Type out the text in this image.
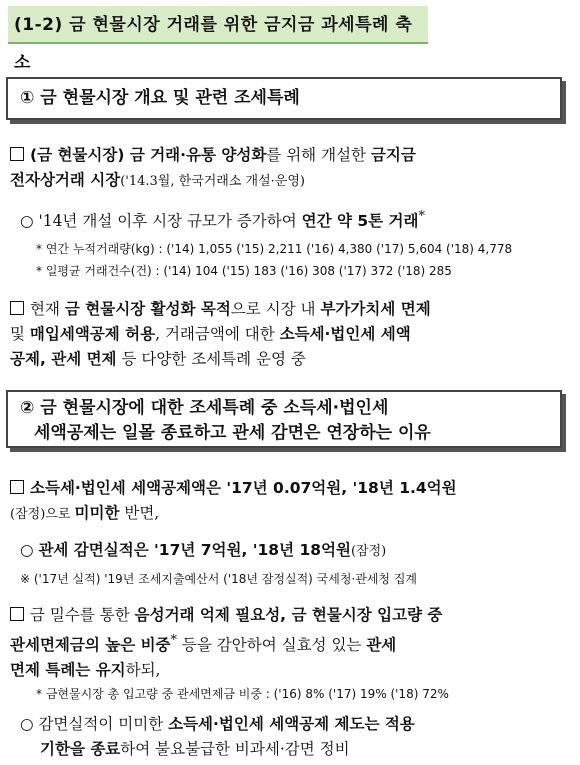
(1-2) 금 현물시장 거래를 위한 금지금 과세특례 축소
① 금 현물시장 개요 및 관련 조세특례
(금 현물시장) 금 거래·유통 양성화를 위해 개설한 금지금
전자상거래 시장('14.3월, 한국거래소 개설·운영)
○ '14년 개설 이후 시장 규모가 증가하여 연간 약 5톤 거래*
* 연간 누적거래량(kg) : ('14) 1,055 ('15) 2,211 ('16) 4,380 ('17) 5,604 ('18) 4,778
* 일평균 거래건수(건) : ('14) 104 ('15) 183 ('16) 308 ('17) 372 ('18) 285
현재 금 현물시장 활성화 목적으로 시장 내 부가가치세 면제
및 매입세액공제 허용, 거래금액에 대한 소득세·법인세 세액
공제, 관세 면제 등 다양한 조세특례 운영 중
② 금 현물시장에 대한 조세특례 중 소득세·법인세
세액공제는 일몰 종료하고 관세 감면은 연장하는 이유
소득세·법인세 세액공제액은 '17년 0.07억원, '18년 1.4억원
(잠정)으로 미미한 반면,
○ 관세 감면실적은 '17년 7억원, '18년 18억원(잠정)
※ ('17년 실적) '19년 조세지출예산서 ('18년 잠정실적) 국세청·관세청 집계
금 밀수를 통한 음성거래 억제 필요성, 금 현물시장 입고량 중
관세면제금의 높은 비중* 등을 감안하여 실효성 있는 관세
면제 특례는 유지하되,
* 금현물시장 총 입고량 중 관세면제금 비중 : ('16) 8% ('17) 19% ('18) 72%
○ 감면실적이 미미한 소득세·법인세 세액공제 제도는 적용
기한을 종료하여 불요불급한 비과세·감면 정비
